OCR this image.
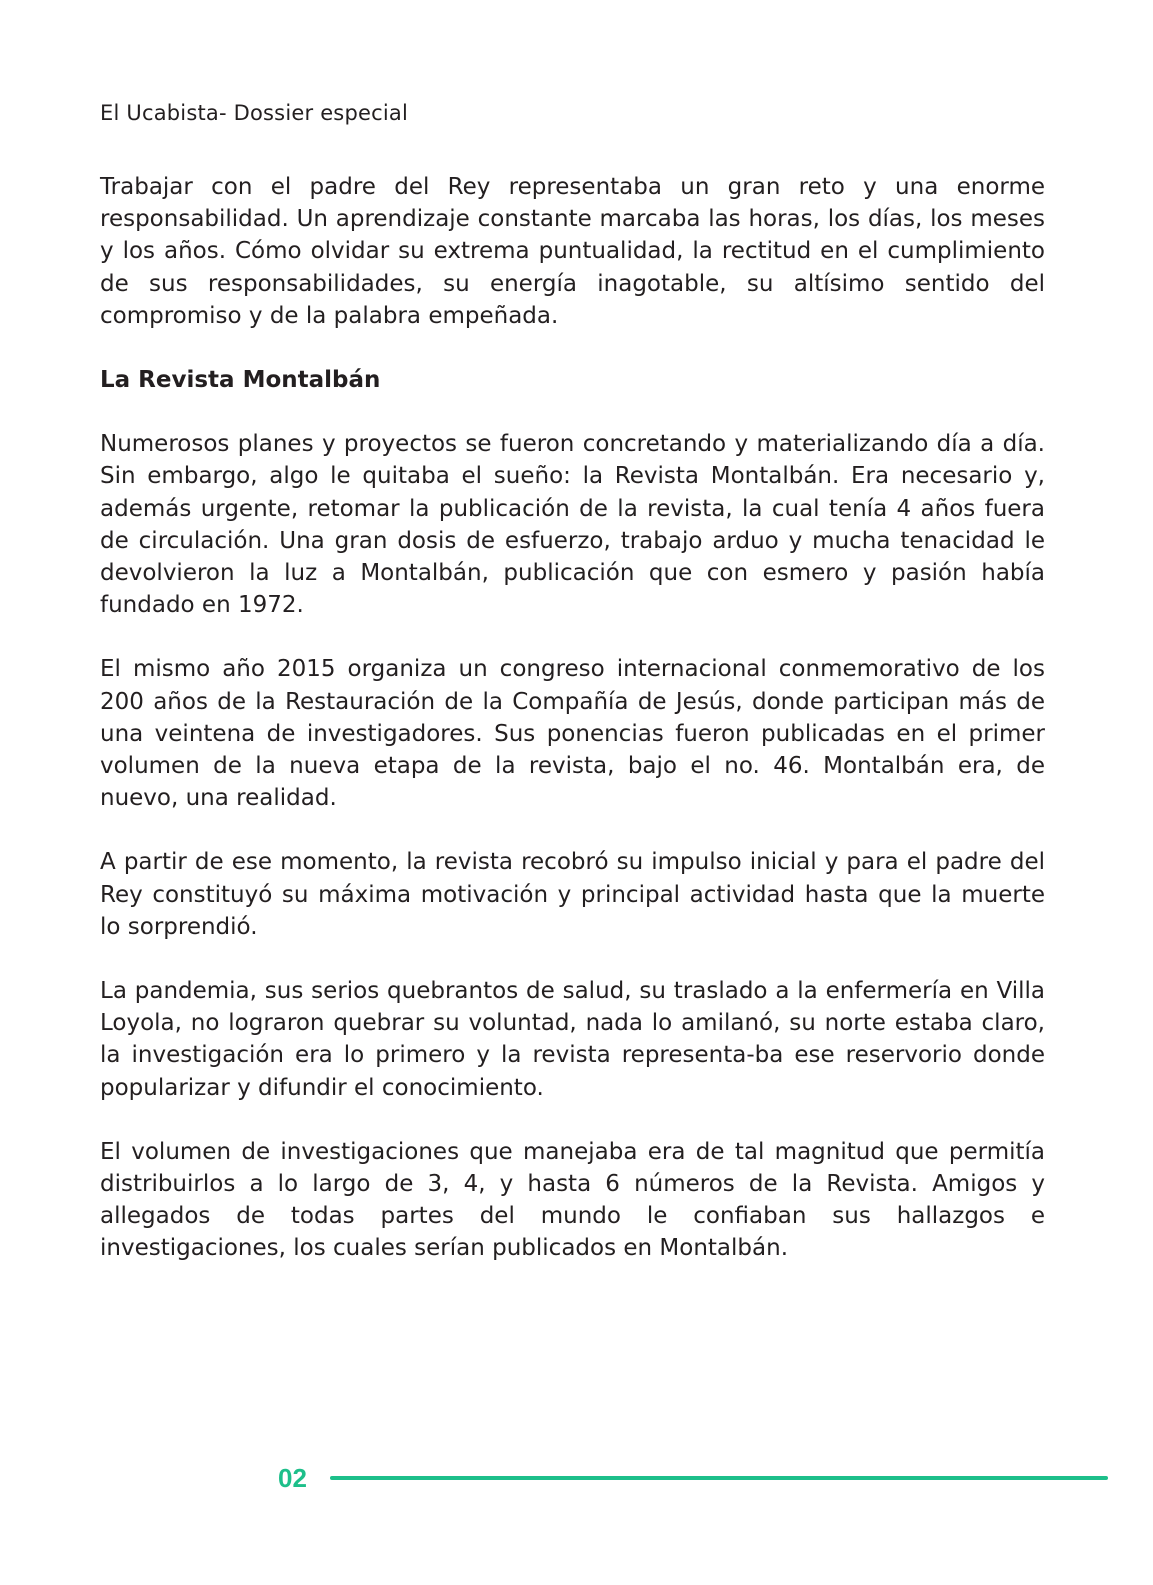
El Ucabista- Dossier especial

Trabajar con el padre del Rey representaba un gran reto y una enorme responsabilidad. Un aprendizaje constante marcaba las horas, los días, los meses y los años. Cómo olvidar su extrema puntualidad, la rectitud en el cumplimiento de sus responsabilidades, su energía inagotable, su altísimo sentido del compromiso y de la palabra empeñada.

La Revista Montalbán

Numerosos planes y proyectos se fueron concretando y materializando día a día. Sin embargo, algo le quitaba el sueño: la Revista Montalbán. Era necesario y, además urgente, retomar la publicación de la revista, la cual tenía 4 años fuera de circulación. Una gran dosis de esfuerzo, trabajo arduo y mucha tenacidad le devolvieron la luz a Montalbán, publicación que con esmero y pasión había fundado en 1972.

El mismo año 2015 organiza un congreso internacional conmemorativo de los 200 años de la Restauración de la Compañía de Jesús, donde participan más de una veintena de investigadores. Sus ponencias fueron publicadas en el primer volumen de la nueva etapa de la revista, bajo el no. 46. Montalbán era, de nuevo, una realidad.

A partir de ese momento, la revista recobró su impulso inicial y para el padre del Rey constituyó su máxima motivación y principal actividad hasta que la muerte lo sorprendió.

La pandemia, sus serios quebrantos de salud, su traslado a la enfermería en Villa Loyola, no lograron quebrar su voluntad, nada lo amilanó, su norte estaba claro, la investigación era lo primero y la revista representa-ba ese reservorio donde popularizar y difundir el conocimiento.

El volumen de investigaciones que manejaba era de tal magnitud que permitía distribuirlos a lo largo de 3, 4, y hasta 6 números de la Revista. Amigos y allegados de todas partes del mundo le confiaban sus hallazgos e investigaciones, los cuales serían publicados en Montalbán.

02
